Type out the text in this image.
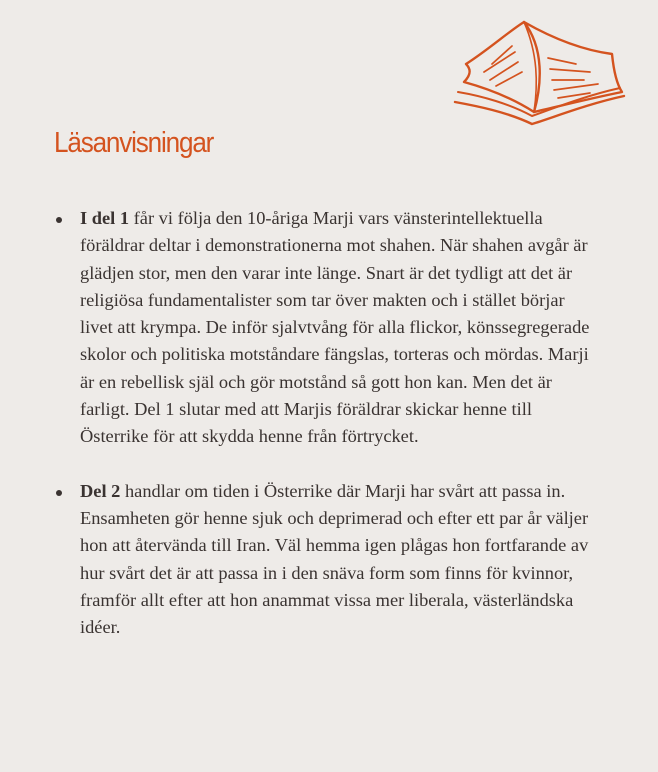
Läsanvisningar
I del 1 får vi följa den 10-åriga Marji vars vänsterintellektuella föräldrar deltar i demonstrationerna mot shahen. När shahen avgår är glädjen stor, men den varar inte länge. Snart är det tydligt att det är religiösa fundamentalister som tar över makten och i stället börjar livet att krympa. De inför sjalvtvång för alla flickor, könssegregerade skolor och politiska motståndare fängslas, torteras och mördas. Marji är en rebellisk själ och gör motstånd så gott hon kan. Men det är farligt. Del 1 slutar med att Marjis föräldrar skickar henne till Österrike för att skydda henne från förtrycket.
Del 2 handlar om tiden i Österrike där Marji har svårt att passa in. Ensamheten gör henne sjuk och deprimerad och efter ett par år väljer hon att återvända till Iran. Väl hemma igen plågas hon fortfarande av hur svårt det är att passa in i den snäva form som finns för kvinnor, framför allt efter att hon anammat vissa mer liberala, västerländska idéer.
